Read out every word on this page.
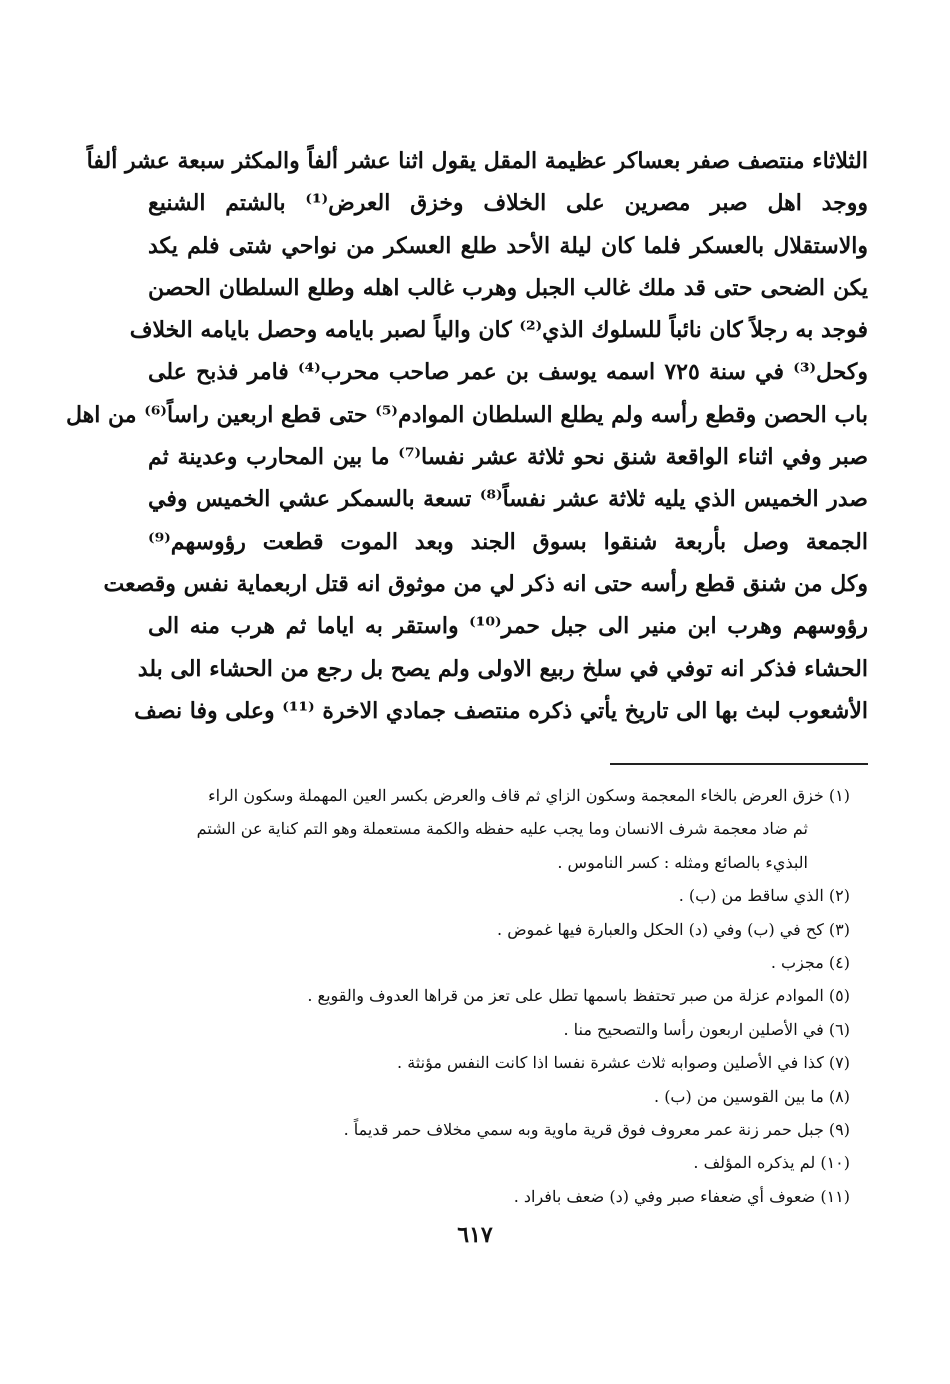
الثلاثاء منتصف صفر بعساكر عظيمة المقل يقول اثنا عشر ألفاً والمكثر سبعة عشر ألفاً
ووجد اهل صبر مصرين على الخلاف وخزق العرض⁽¹⁾ بالشتم الشنيع
والاستقلال بالعسكر فلما كان ليلة الأحد طلع العسكر من نواحي شتى فلم يكد
يكن الضحى حتى قد ملك غالب الجبل وهرب غالب اهله وطلع السلطان الحصن
فوجد به رجلاً كان نائباً للسلوك الذي⁽²⁾ كان والياً لصبر بايامه وحصل بايامه الخلاف
وكحل⁽³⁾ في سنة ٧٢٥ اسمه يوسف بن عمر صاحب محرب⁽⁴⁾ فامر فذبح على
باب الحصن وقطع رأسه ولم يطلع السلطان الموادم⁽⁵⁾ حتى قطع اربعين راساً⁽⁶⁾ من اهل
صبر وفي اثناء الواقعة شنق نحو ثلاثة عشر نفسا⁽⁷⁾ ما بين المحارب وعدينة ثم
صدر الخميس الذي يليه ثلاثة عشر نفساً⁽⁸⁾ تسعة بالسمكر عشي الخميس وفي
الجمعة وصل بأربعة شنقوا بسوق الجند وبعد الموت قطعت رؤوسهم⁽⁹⁾
وكل من شنق قطع رأسه حتى انه ذكر لي من موثوق انه قتل اربعماية نفس وقصعت
رؤوسهم وهرب ابن منير الى جبل حمر⁽¹⁰⁾ واستقر به اياما ثم هرب منه الى
الحشاء فذكر انه توفي في سلخ ربيع الاولى ولم يصح بل رجع من الحشاء الى بلد
الأشعوب لبث بها الى تاريخ يأتي ذكره منتصف جمادي الاخرة ⁽¹¹⁾ وعلى وفا نصف
(١) خزق العرض بالخاء المعجمة وسكون الزاي ثم قاف والعرض بكسر العين المهملة وسكون الراء
ثم ضاد معجمة شرف الانسان وما يجب عليه حفظه والكمة مستعملة وهو التم كناية عن الشتم
البذيء بالصائع ومثله : كسر الناموس .
(٢) الذي ساقط من (ب) .
(٣) كح في (ب) وفي (د) الحكل والعبارة فيها غموض .
(٤) مجزب .
(٥) الموادم عزلة من صبر تحتفظ باسمها تطل على تعز من قراها العدوف والقويع .
(٦) في الأصلين اربعون رأسا والتصحيح منا .
(٧) كذا في الأصلين وصوابه ثلاث عشرة نفسا اذا كانت النفس مؤنثة .
(٨) ما بين القوسين من (ب) .
(٩) جبل حمر زنة عمر معروف فوق قرية ماوية وبه سمي مخلاف حمر قديماً .
(١٠) لم يذكره المؤلف .
(١١) ضعوف أي ضعفاء صبر وفي (د) ضعف بافراد .
٦١٧
